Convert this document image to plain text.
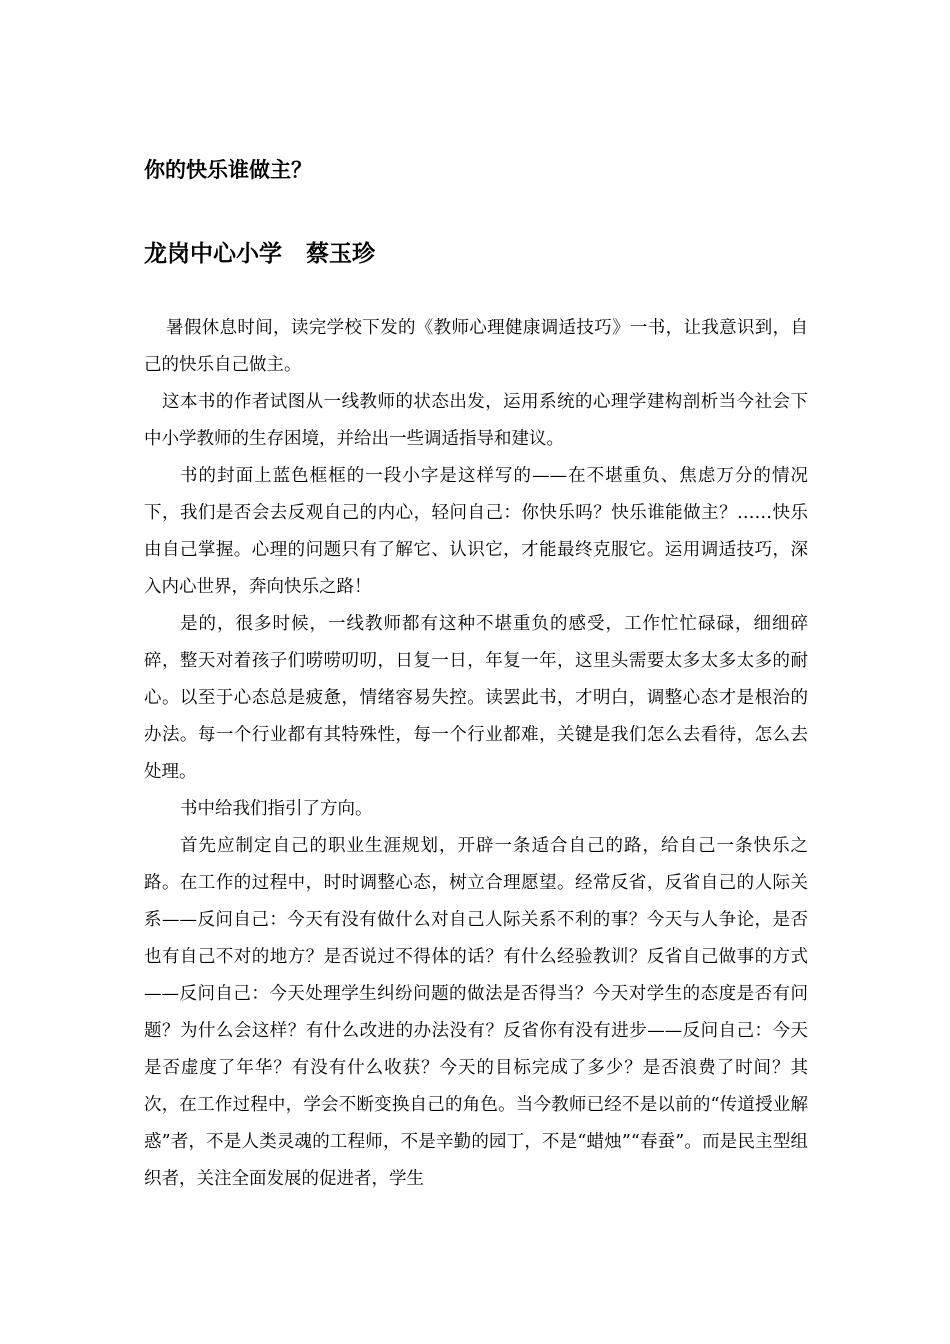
你的快乐谁做主？
龙岗中心小学   蔡玉珍

暑假休息时间，读完学校下发的《教师心理健康调适技巧》一书，让我意识到，自己的快乐自己做主。

这本书的作者试图从一线教师的状态出发，运用系统的心理学建构剖析当今社会下中小学教师的生存困境，并给出一些调适指导和建议。

书的封面上蓝色框框的一段小字是这样写的——在不堪重负、焦虑万分的情况下，我们是否会去反观自己的内心，轻问自己：你快乐吗？快乐谁能做主？……快乐由自己掌握。心理的问题只有了解它、认识它，才能最终克服它。运用调适技巧，深入内心世界，奔向快乐之路！

是的，很多时候，一线教师都有这种不堪重负的感受，工作忙忙碌碌，细细碎碎，整天对着孩子们唠唠叨叨，日复一日，年复一年，这里头需要太多太多太多的耐心。以至于心态总是疲惫，情绪容易失控。读罢此书，才明白，调整心态才是根治的办法。每一个行业都有其特殊性，每一个行业都难，关键是我们怎么去看待，怎么去处理。

书中给我们指引了方向。

首先应制定自己的职业生涯规划，开辟一条适合自己的路，给自己一条快乐之路。在工作的过程中，时时调整心态，树立合理愿望。经常反省，反省自己的人际关系——反问自己：今天有没有做什么对自己人际关系不利的事？今天与人争论，是否也有自己不对的地方？是否说过不得体的话？有什么经验教训？反省自己做事的方式——反问自己：今天处理学生纠纷问题的做法是否得当？今天对学生的态度是否有问题？为什么会这样？有什么改进的办法没有？反省你有没有进步——反问自己：今天是否虚度了年华？有没有什么收获？今天的目标完成了多少？是否浪费了时间？其次，在工作过程中，学会不断变换自己的角色。当今教师已经不是以前的“传道授业解惑”者，不是人类灵魂的工程师，不是辛勤的园丁，不是“蜡烛”“春蚕”。而是民主型组织者，关注全面发展的促进者，学生
